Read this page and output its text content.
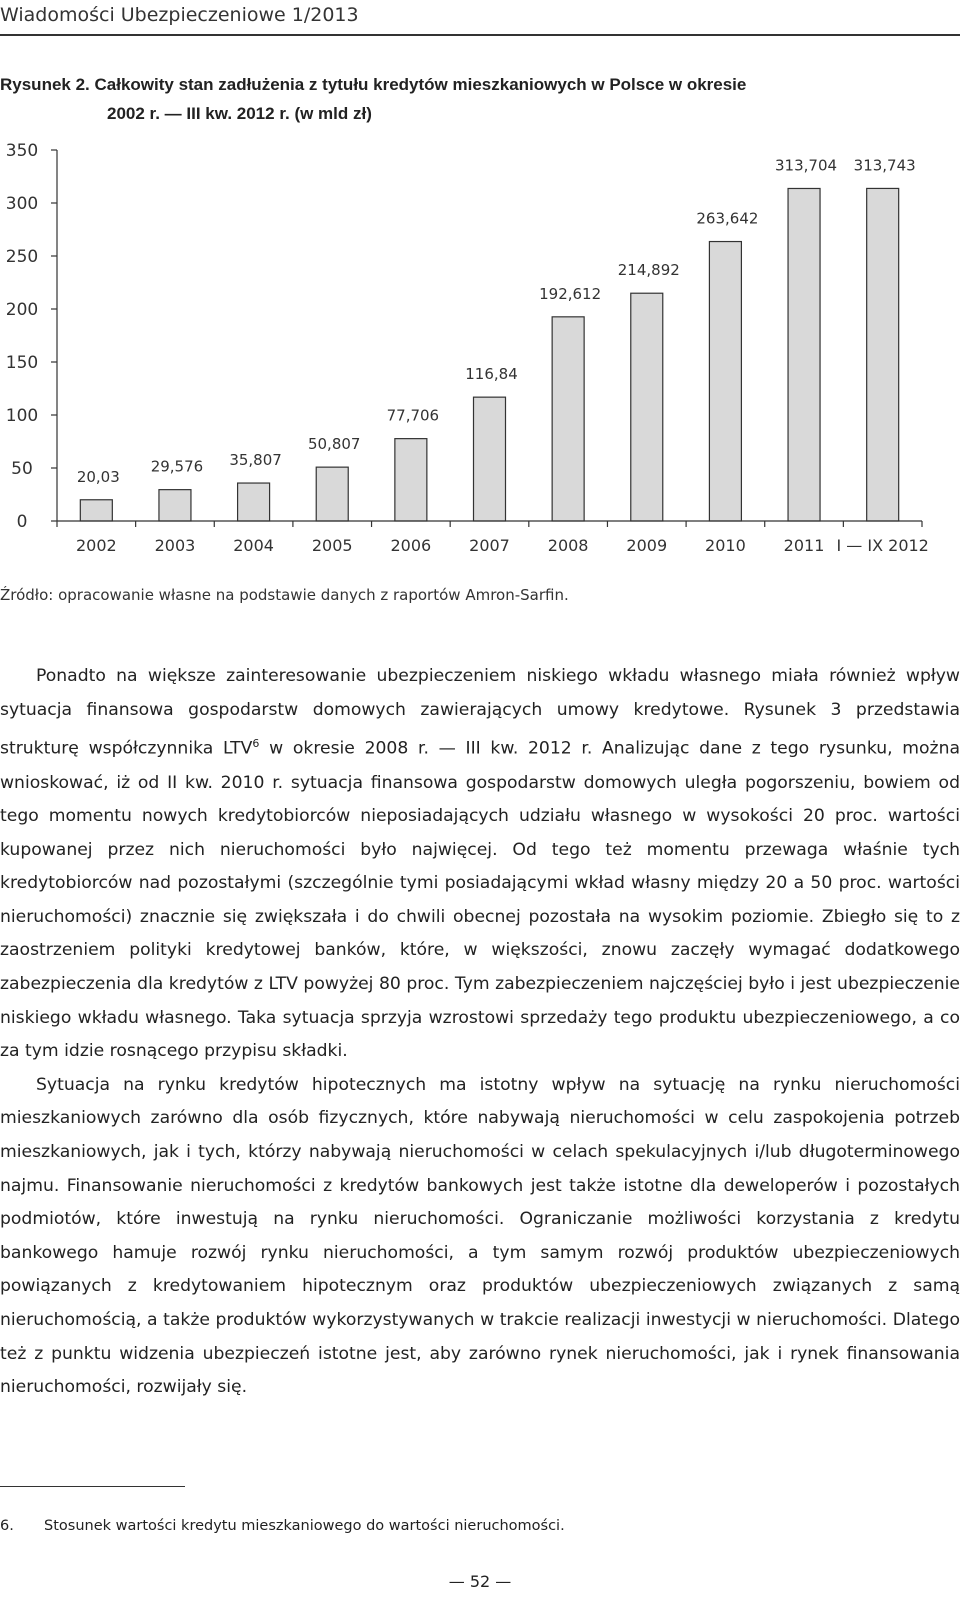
Wiadomości Ubezpieczeniowe 1/2013
Rysunek 2. Całkowity stan zadłużenia z tytułu kredytów mieszkaniowych w Polsce w okresie
2002 r. — III kw. 2012 r. (w mld zł)
0
50
100
150
200
250
300
350
20,03
29,576 35,807
50,807
77,706
116,84
192,612
214,892
263,642
313,704 313,743
2002 2003 2004 2005 2006 2007 2008 2009 2010 2011 I — IX 2012
Źródło: opracowanie własne na podstawie danych z raportów Amron-Sarfin.

Ponadto na większe zainteresowanie ubezpieczeniem niskiego wkładu własnego miała również wpływ sytuacja finansowa gospodarstw domowych zawierających umowy kredytowe. Rysunek 3 przedstawia strukturę współczynnika LTV$^6$ w okresie 2008 r. — III kw. 2012 r. Analizując dane z tego rysunku, można wnioskować, iż od II kw. 2010 r. sytuacja finansowa gospodarstw domowych uległa pogorszeniu, bowiem od tego momentu nowych kredytobiorców nieposiadających udziału własnego w wysokości 20 proc. wartości kupowanej przez nich nieruchomości było najwięcej. Od tego też momentu przewaga właśnie tych kredytobiorców nad pozostałymi (szczególnie tymi posiadającymi wkład własny między 20 a 50 proc. wartości nieruchomości) znacznie się zwiększała i do chwili obecnej pozostała na wysokim poziomie. Zbiegło się to z zaostrzeniem polityki kredytowej banków, które, w większości, znowu zaczęły wymagać dodatkowego zabezpieczenia dla kredytów z LTV powyżej 80 proc. Tym zabezpieczeniem najczęściej było i jest ubezpieczenie niskiego wkładu własnego. Taka sytuacja sprzyja wzrostowi sprzedaży tego produktu ubezpieczeniowego, a co za tym idzie rosnącego przypisu składki.

Sytuacja na rynku kredytów hipotecznych ma istotny wpływ na sytuację na rynku nieruchomości mieszkaniowych zarówno dla osób fizycznych, które nabywają nieruchomości w celu zaspokojenia potrzeb mieszkaniowych, jak i tych, którzy nabywają nieruchomości w celach spekulacyjnych i/lub długoterminowego najmu. Finansowanie nieruchomości z kredytów bankowych jest także istotne dla deweloperów i pozostałych podmiotów, które inwestują na rynku nieruchomości. Ograniczanie możliwości korzystania z kredytu bankowego hamuje rozwój rynku nieruchomości, a tym samym rozwój produktów ubezpieczeniowych powiązanych z kredytowaniem hipotecznym oraz produktów ubezpieczeniowych związanych z samą nieruchomością, a także produktów wykorzystywanych w trakcie realizacji inwestycji w nieruchomości. Dlatego też z punktu widzenia ubezpieczeń istotne jest, aby zarówno rynek nieruchomości, jak i rynek finansowania nieruchomości, rozwijały się.

6. Stosunek wartości kredytu mieszkaniowego do wartości nieruchomości.
— 52 —
